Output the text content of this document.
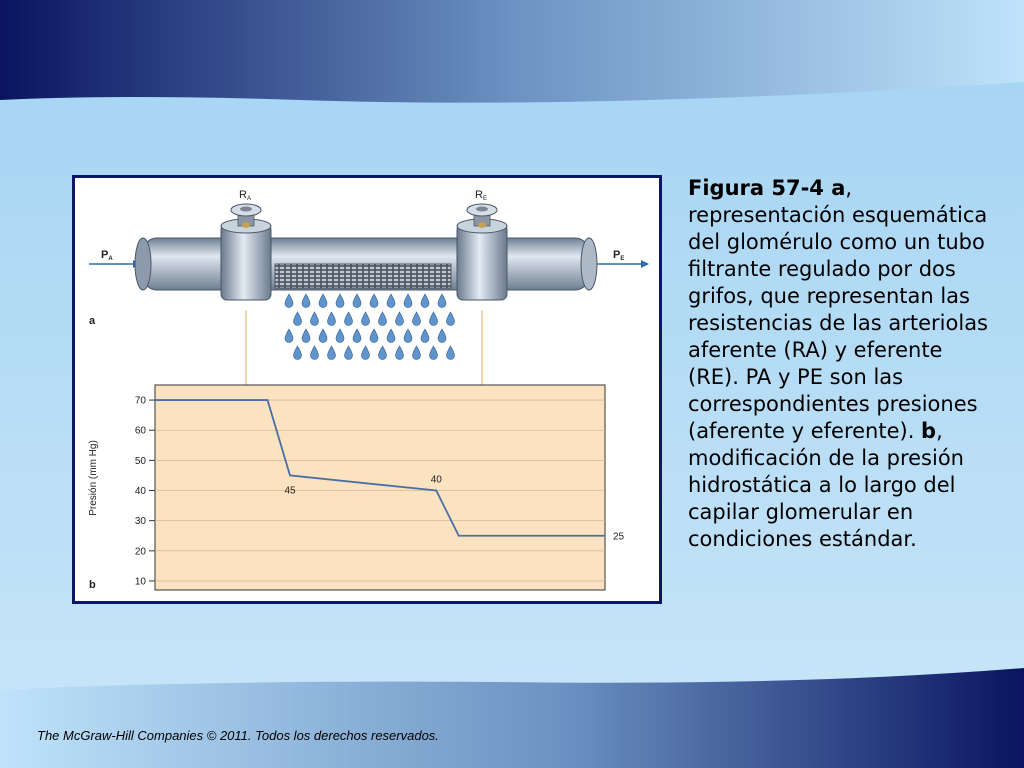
a
PA	PE
RA	RE
b
Presión (mm Hg)
10
20
30
40
50
60
70
45
40
25
Figura 57-4 a, representación esquemática del glomérulo como un tubo filtrante regulado por dos grifos, que representan las resistencias de las arteriolas aferente (RA) y eferente (RE). PA y PE son las correspondientes presiones (aferente y eferente). b, modificación de la presión hidrostática a lo largo del capilar glomerular en condiciones estándar.
The McGraw-Hill Companies © 2011. Todos los derechos reservados.
